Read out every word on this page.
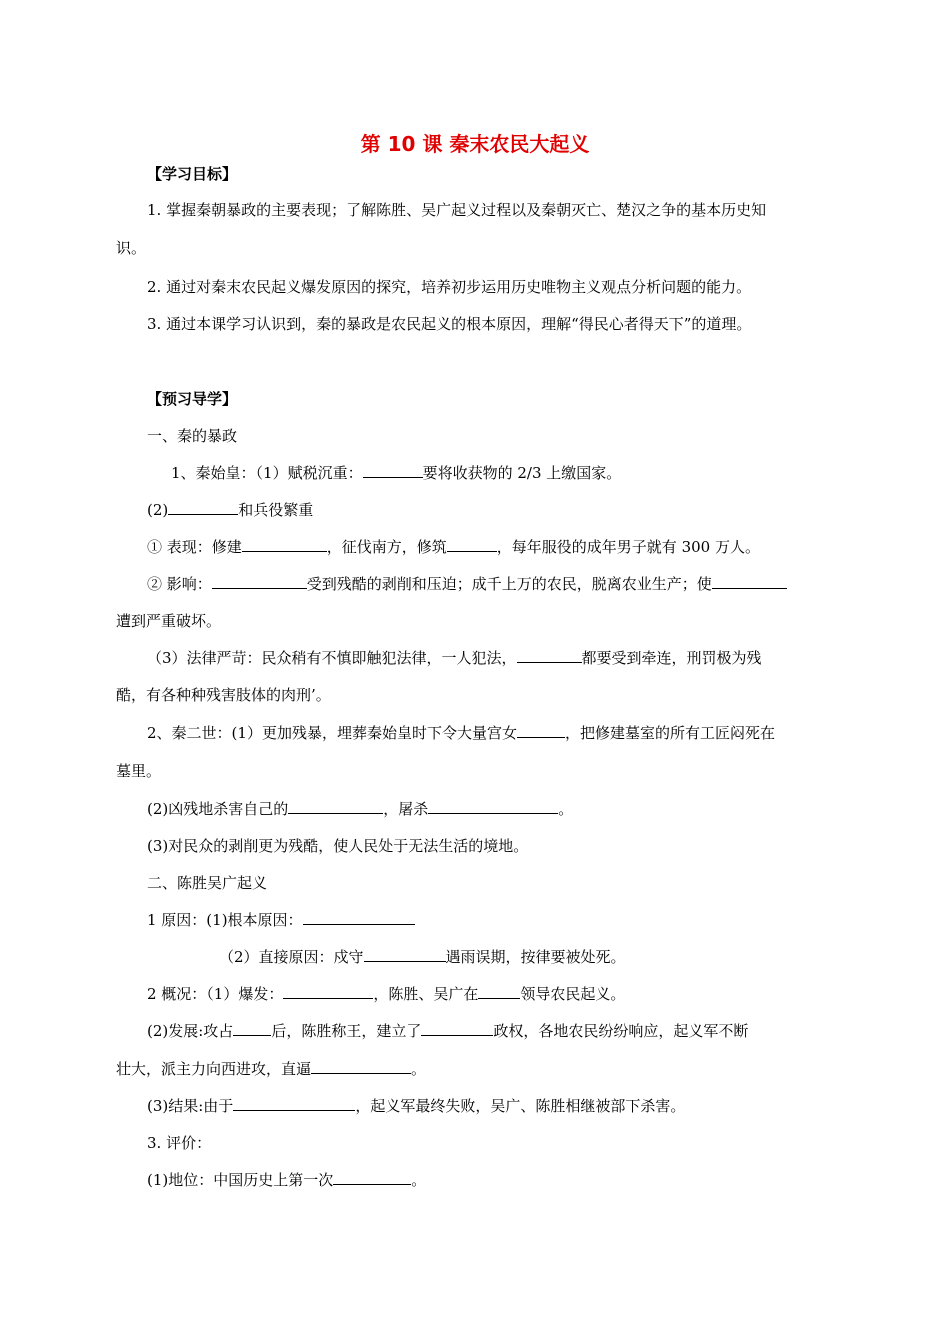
第 10 课 秦末农民大起义
【学习目标】
1. 掌握秦朝暴政的主要表现；了解陈胜、吴广起义过程以及秦朝灭亡、楚汉之争的基本历史知
识。
2. 通过对秦末农民起义爆发原因的探究，培养初步运用历史唯物主义观点分析问题的能力。
3. 通过本课学习认识到，秦的暴政是农民起义的根本原因，理解“得民心者得天下”的道理。
【预习导学】
一、秦的暴政
1、秦始皇：（1）赋税沉重：	要将收获物的 2/3 上缴国家。
(2)	和兵役繁重
① 表现：修建	，征伐南方，修筑	，每年服役的成年男子就有 300 万人。
② 影响：	受到残酷的剥削和压迫；成千上万的农民，脱离农业生产；使
遭到严重破坏。
（3）法律严苛：民众稍有不慎即触犯法律，一人犯法，	都要受到牵连，刑罚极为残
酷，有各种种残害肢体的肉刑’。
2、秦二世：(1）更加残暴，埋葬秦始皇时下令大量宫女	，把修建墓室的所有工匠闷死在
墓里。
(2)凶残地杀害自己的	，屠杀	。
(3)对民众的剥削更为残酷，使人民处于无法生活的境地。
二、陈胜吴广起义
1 原因：(1)根本原因：
（2）直接原因：戍守	遇雨误期，按律要被处死。
2 概况：（1）爆发：	，陈胜、吴广在	领导农民起义。
(2)发展:攻占	后，陈胜称王，建立了	政权，各地农民纷纷响应，起义军不断
壮大，派主力向西进攻，直逼	。
(3)结果:由于	，起义军最终失败，吴广、陈胜相继被部下杀害。
3. 评价：
(1)地位：中国历史上第一次	。
